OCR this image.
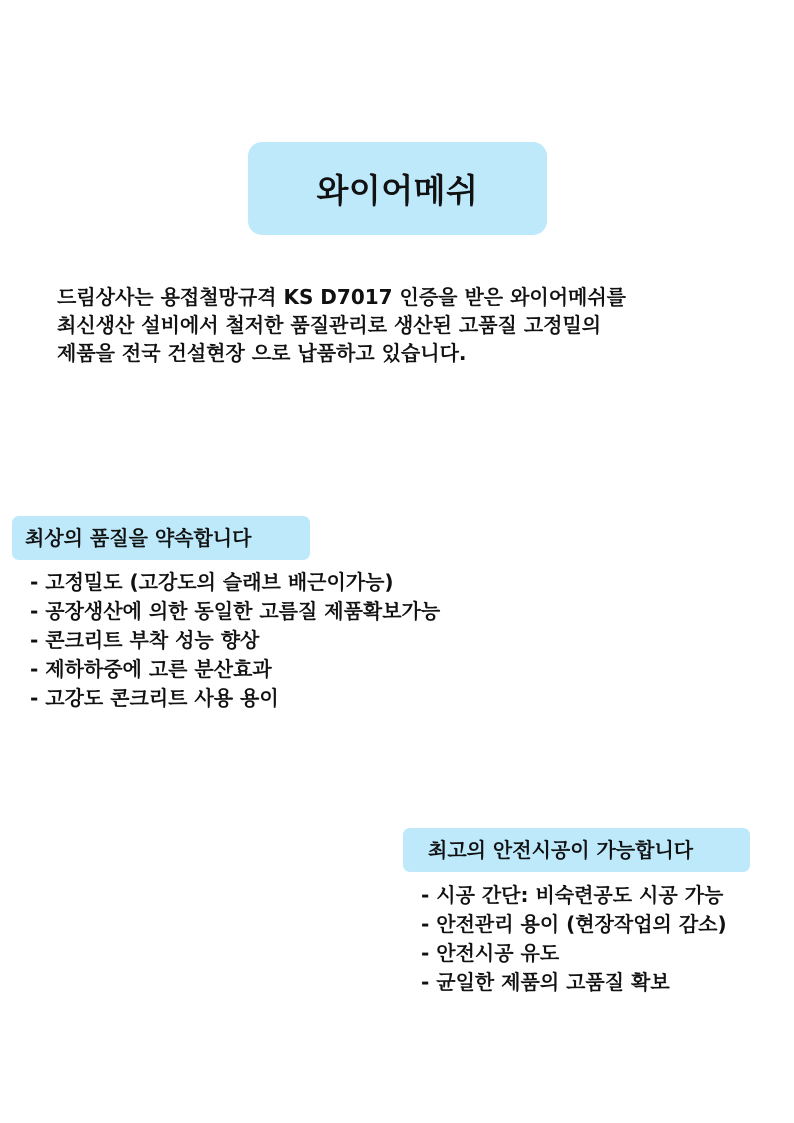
와이어메쉬
드림상사는 용접철망규격 KS D7017 인증을 받은 와이어메쉬를
최신생산 설비에서 철저한 품질관리로 생산된 고품질 고정밀의
제품을 전국 건설현장 으로 납품하고 있습니다.
최상의 품질을 약속합니다
- 고정밀도 (고강도의 슬래브 배근이가능)
- 공장생산에 의한 동일한 고름질 제품확보가능
- 콘크리트 부착 성능 향상
- 제하하중에 고른 분산효과
- 고강도 콘크리트 사용 용이
최고의 안전시공이 가능합니다
- 시공 간단: 비숙련공도 시공 가능
- 안전관리 용이 (현장작업의 감소)
- 안전시공 유도
- 균일한 제품의 고품질 확보
